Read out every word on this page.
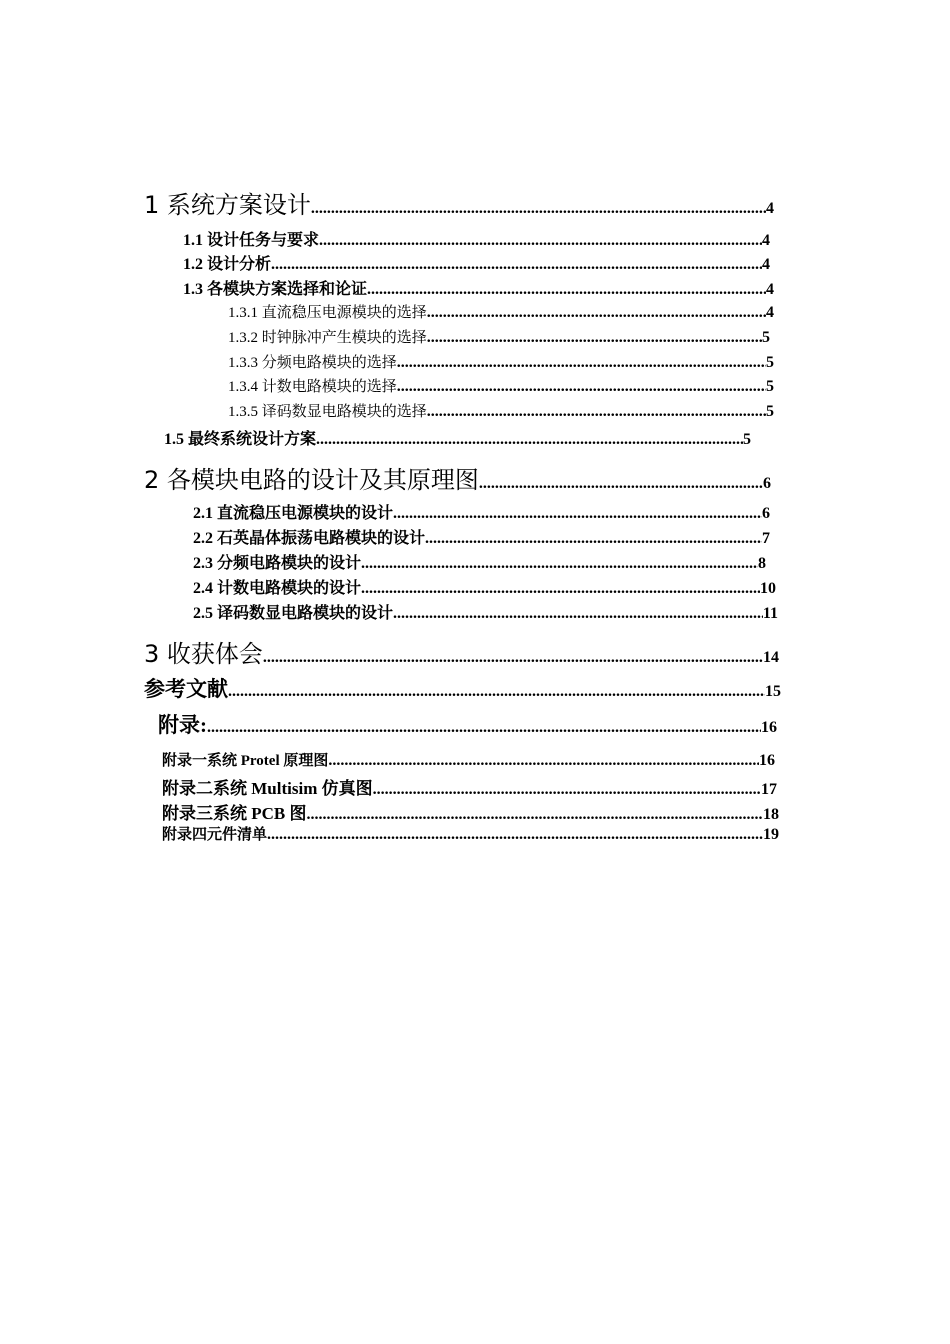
1 系统方案设计 .....	4
1.1 设计任务与要求 .....	4
1.2 设计分析 .....	4
1.3 各模块方案选择和论证 .....	4
1.3.1 直流稳压电源模块的选择 .....	4
1.3.2 时钟脉冲产生模块的选择 .....	5
1.3.3 分频电路模块的选择 .....	5
1.3.4 计数电路模块的选择 .....	5
1.3.5 译码数显电路模块的选择 .....	5
1.5 最终系统设计方案 .....	5
2 各模块电路的设计及其原理图 .....	6
2.1 直流稳压电源模块的设计 .....	6
2.2 石英晶体振荡电路模块的设计 .....	7
2.3 分频电路模块的设计 .....	8
2.4 计数电路模块的设计 .....	10
2.5 译码数显电路模块的设计 .....	11
3 收获体会 .....	14
参考文献 .....	15
附录: .....	16
附录一系统 Protel 原理图 .....	16
附录二系统 Multisim 仿真图 .....	17
附录三系统 PCB 图 .....	18
附录四元件清单 .....	19
